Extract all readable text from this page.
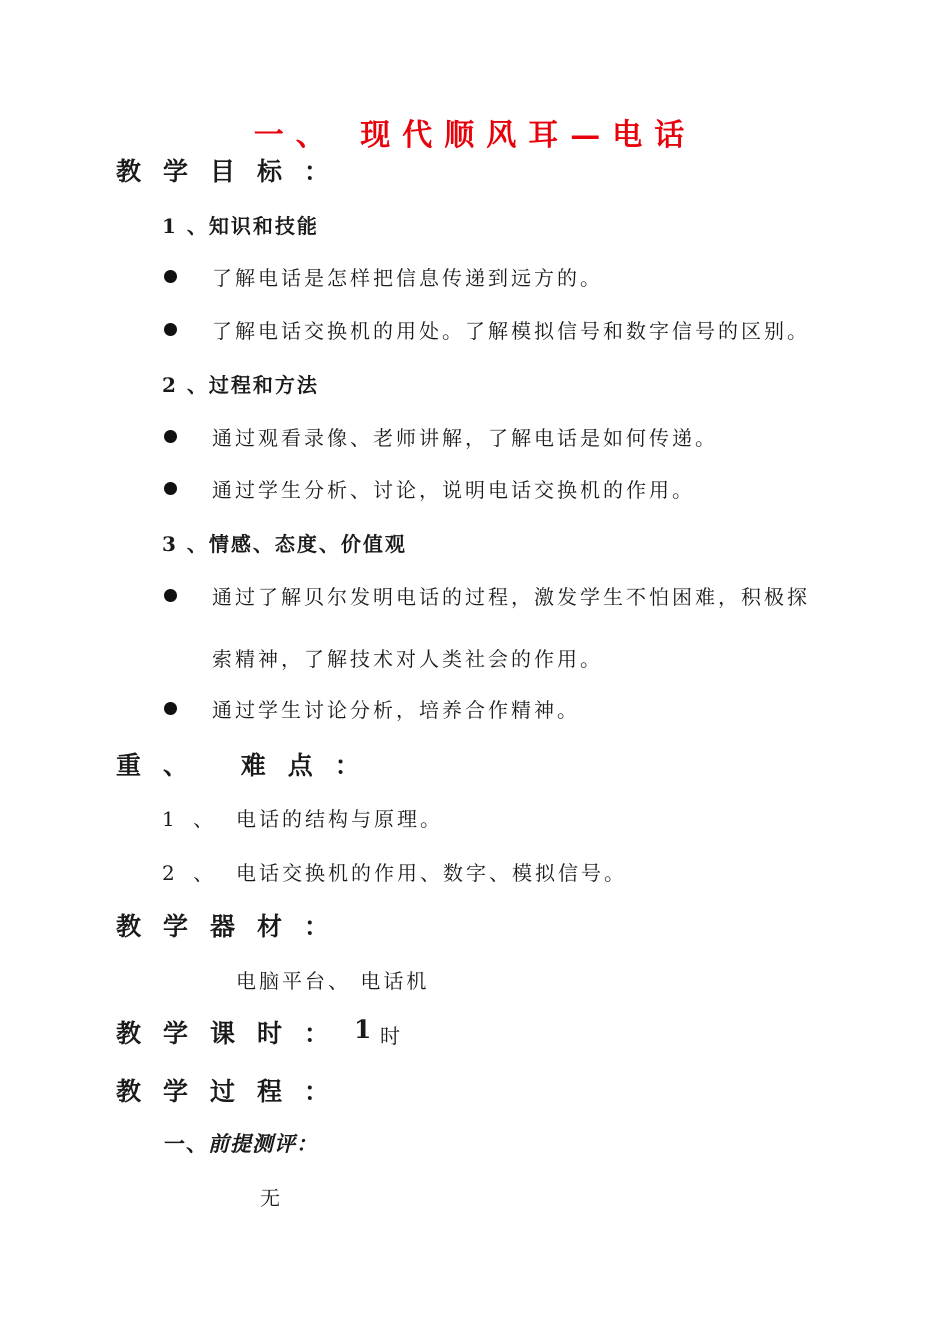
一、 现代顺风耳—电话
教学目标：
1 、知识和技能
了解电话是怎样把信息传递到远方的。
了解电话交换机的用处。了解模拟信号和数字信号的区别。
2 、过程和方法
通过观看录像、老师讲解，了解电话是如何传递。
通过学生分析、讨论，说明电话交换机的作用。
3 、情感、态度、价值观
通过了解贝尔发明电话的过程，激发学生不怕困难，积极探
索精神，了解技术对人类社会的作用。
通过学生讨论分析，培养合作精神。
重、 难点：
1 、 电话的结构与原理。
2 、 电话交换机的作用、数字、模拟信号。
教学器材：
电脑平台、 电话机
教学课时： 1 时
教学过程：
一、前提测评：
无
